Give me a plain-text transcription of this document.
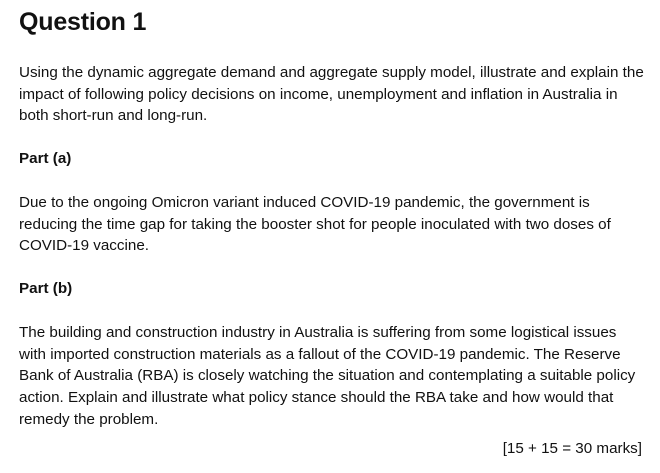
Question 1

Using the dynamic aggregate demand and aggregate supply model, illustrate and explain the impact of following policy decisions on income, unemployment and inflation in Australia in both short-run and long-run.

Part (a)

Due to the ongoing Omicron variant induced COVID-19 pandemic, the government is reducing the time gap for taking the booster shot for people inoculated with two doses of COVID-19 vaccine.

Part (b)

The building and construction industry in Australia is suffering from some logistical issues with imported construction materials as a fallout of the COVID-19 pandemic. The Reserve Bank of Australia (RBA) is closely watching the situation and contemplating a suitable policy action. Explain and illustrate what policy stance should the RBA take and how would that remedy the problem.

[15 + 15 = 30 marks]
